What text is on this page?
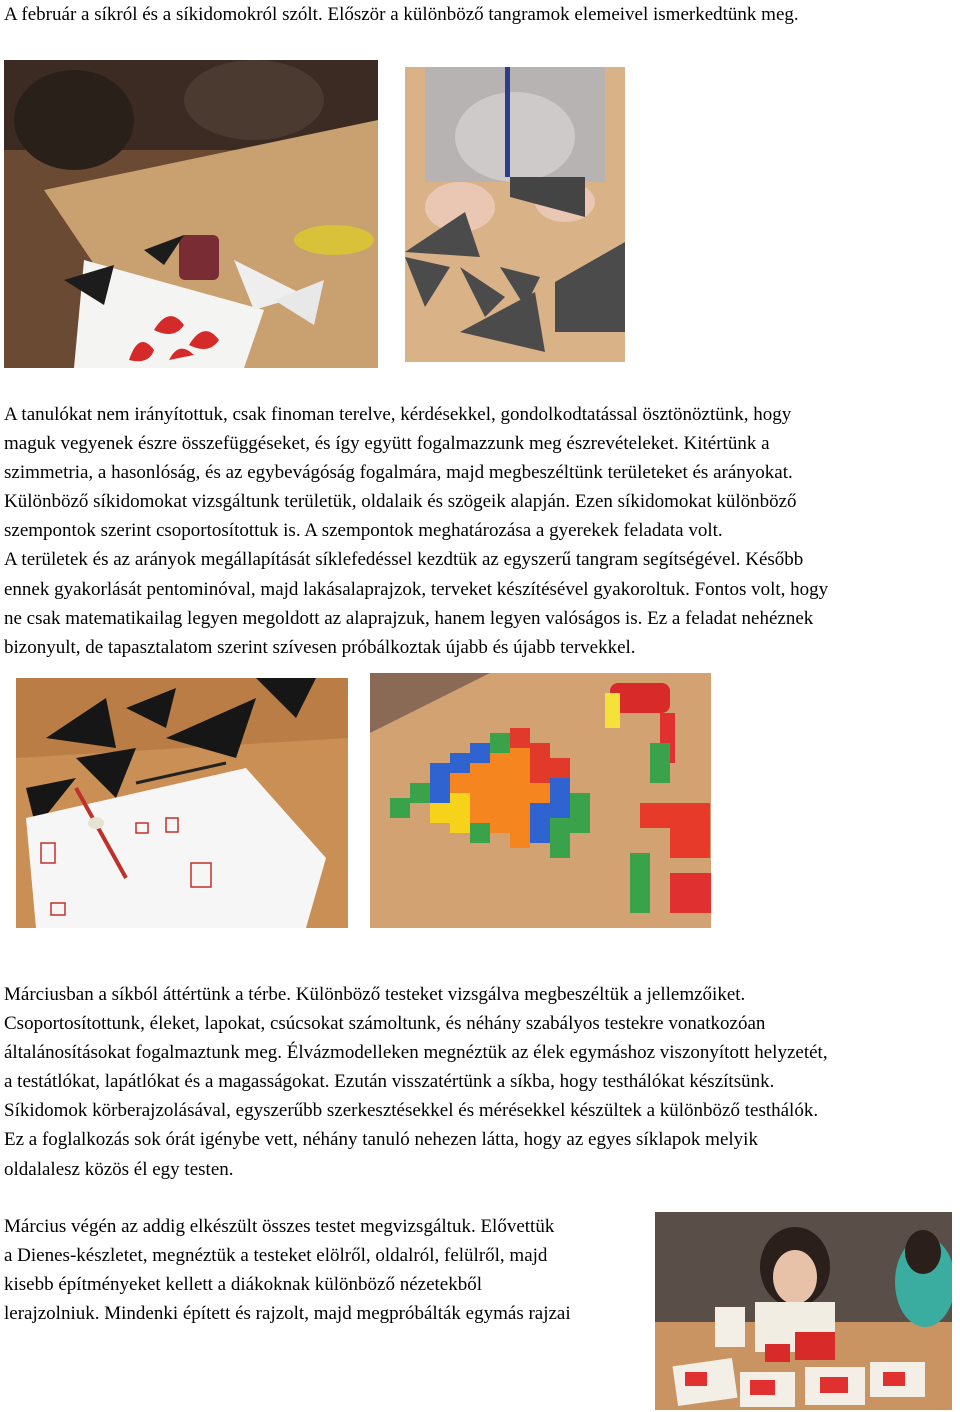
A február a síkról és a síkidomokról szólt. Először a különböző tangramok elemeivel ismerkedtünk meg.
A tanulókat nem irányítottuk, csak finoman terelve, kérdésekkel, gondolkodtatással ösztönöztünk, hogy
maguk vegyenek észre összefüggéseket, és így együtt fogalmazzunk meg észrevételeket. Kitértünk a
szimmetria, a hasonlóság, és az egybevágóság fogalmára, majd megbeszéltünk területeket és arányokat.
Különböző síkidomokat vizsgáltunk területük, oldalaik és szögeik alapján. Ezen síkidomokat különböző
szempontok szerint csoportosítottuk is. A szempontok meghatározása a gyerekek feladata volt.
A területek és az arányok megállapítását síklefedéssel kezdtük az egyszerű tangram segítségével. Később
ennek gyakorlását pentominóval, majd lakásalaprajzok, terveket készítésével gyakoroltuk. Fontos volt, hogy
ne csak matematikailag legyen megoldott az alaprajzuk, hanem legyen valóságos is. Ez a feladat nehéznek
bizonyult, de tapasztalatom szerint szívesen próbálkoztak újabb és újabb tervekkel.
Márciusban a síkból áttértünk a térbe. Különböző testeket vizsgálva megbeszéltük a jellemzőiket.
Csoportosítottunk, éleket, lapokat, csúcsokat számoltunk, és néhány szabályos testekre vonatkozóan
általánosításokat fogalmaztunk meg. Élvázmodelleken megnéztük az élek egymáshoz viszonyított helyzetét,
a testátlókat, lapátlókat és a magasságokat. Ezután visszatértünk a síkba, hogy testhálókat készítsünk.
Síkidomok körberajzolásával, egyszerűbb szerkesztésekkel és mérésekkel készültek a különböző testhálók.
Ez a foglalkozás sok órát igénybe vett, néhány tanuló nehezen látta, hogy az egyes síklapok melyik
oldalalesz közös él egy testen.
Március végén az addig elkészült összes testet megvizsgáltuk. Elővettük
a Dienes-készletet, megnéztük a testeket elölről, oldalról, felülről, majd
kisebb építményeket kellett a diákoknak különböző nézetekből
lerajzolniuk. Mindenki épített és rajzolt, majd megpróbálták egymás rajzai
